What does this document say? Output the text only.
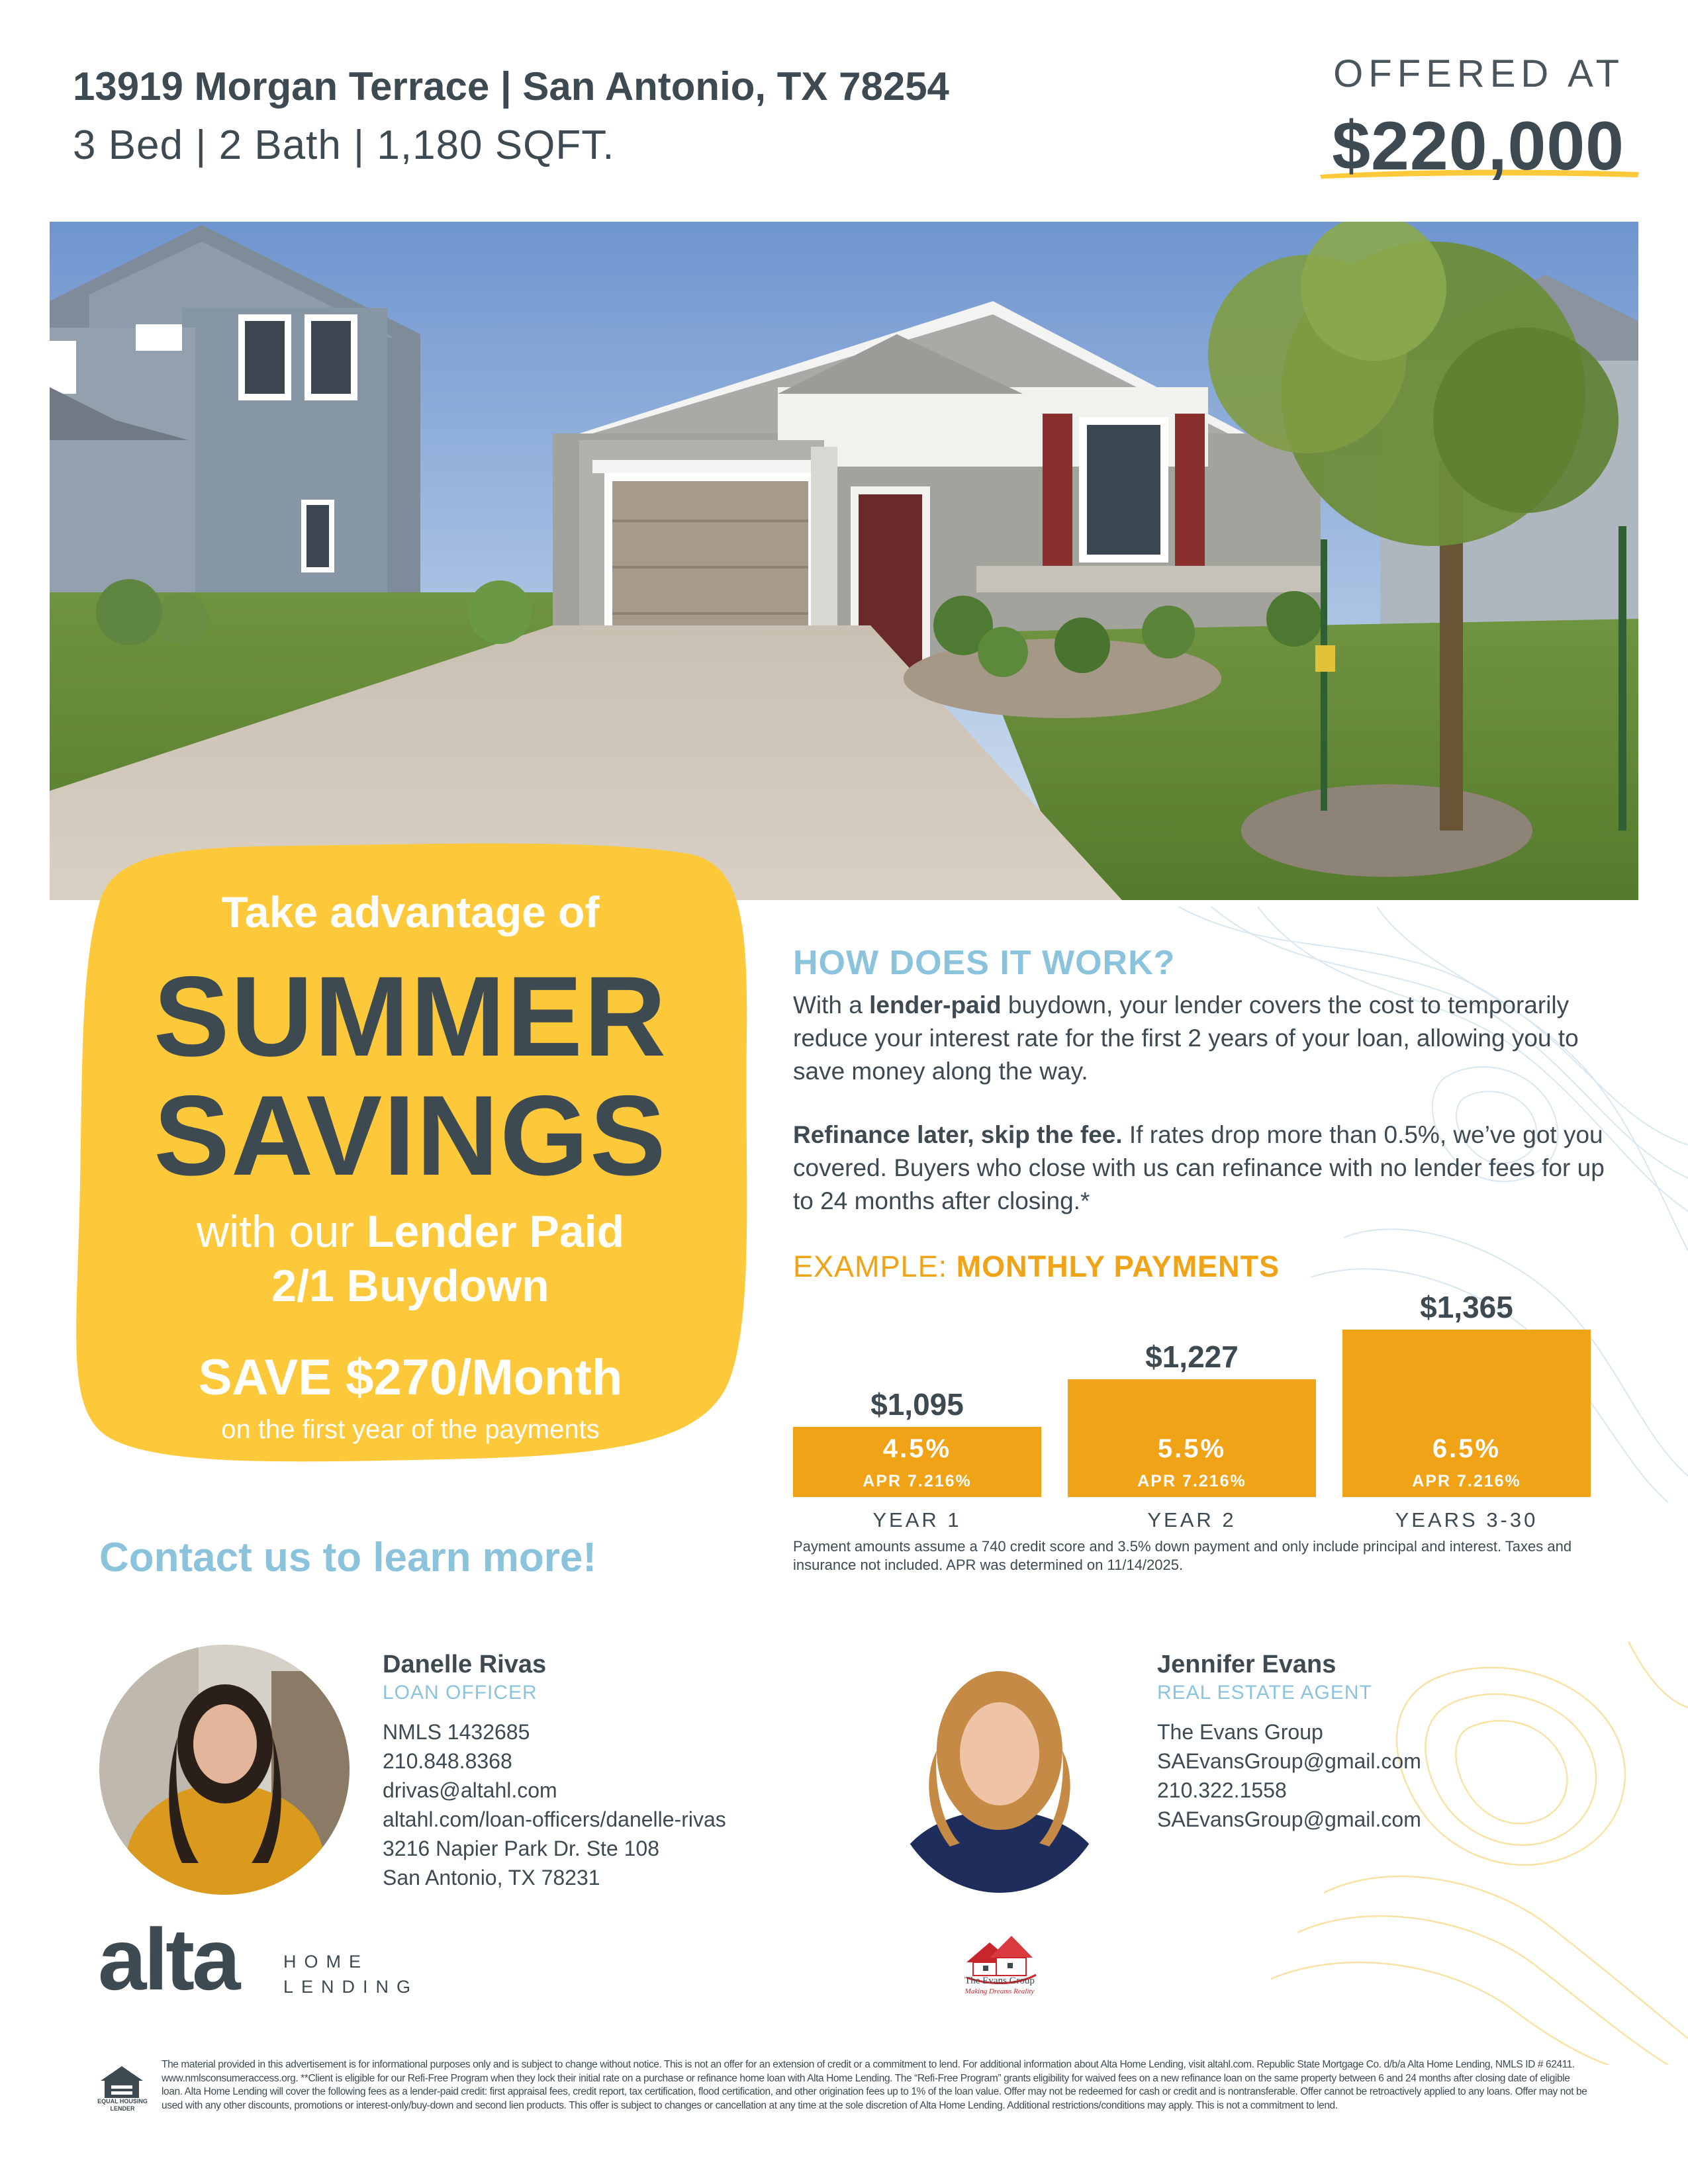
13919 Morgan Terrace | San Antonio, TX 78254
3 Bed | 2 Bath | 1,180 SQFT.
OFFERED AT
$220,000
Take advantage of
SUMMER
SAVINGS
with our Lender Paid
2/1 Buydown
SAVE $270/Month
on the first year of the payments
Contact us to learn more!
HOW DOES IT WORK?
With a lender-paid buydown, your lender covers the cost to temporarily reduce your interest rate for the first 2 years of your loan, allowing you to save money along the way.
Refinance later, skip the fee. If rates drop more than 0.5%, we’ve got you covered. Buyers who close with us can refinance with no lender fees for up to 24 months after closing.*
EXAMPLE: MONTHLY PAYMENTS
$1,095
4.5%
APR 7.216%
YEAR 1
$1,227
5.5%
APR 7.216%
YEAR 2
$1,365
6.5%
APR 7.216%
YEARS 3-30
Payment amounts assume a 740 credit score and 3.5% down payment and only include principal and interest. Taxes and insurance not included. APR was determined on 11/14/2025.
Danelle Rivas
LOAN OFFICER
NMLS 1432685
210.848.8368
drivas@altahl.com
altahl.com/loan-officers/danelle-rivas
3216 Napier Park Dr. Ste 108
San Antonio, TX 78231
Jennifer Evans
REAL ESTATE AGENT
The Evans Group
SAEvansGroup@gmail.com
210.322.1558
SAEvansGroup@gmail.com
alta	HOME
LENDING	The Evans Group
Making Dreams Reality
EQUAL HOUSING LENDER
The material provided in this advertisement is for informational purposes only and is subject to change without notice. This is not an offer for an extension of credit or a commitment to lend. For additional information about Alta Home Lending, visit altahl.com. Republic State Mortgage Co. d/b/a Alta Home Lending, NMLS ID # 62411. www.nmlsconsumeraccess.org. **Client is eligible for our Refi-Free Program when they lock their initial rate on a purchase or refinance home loan with Alta Home Lending. The “Refi-Free Program” grants eligibility for waived fees on a new refinance loan on the same property between 6 and 24 months after closing date of eligible loan. Alta Home Lending will cover the following fees as a lender-paid credit: first appraisal fees, credit report, tax certification, flood certification, and other origination fees up to 1% of the loan value. Offer may not be redeemed for cash or credit and is nontransferable. Offer cannot be retroactively applied to any loans. Offer may not be used with any other discounts, promotions or interest-only/buy-down and second lien products. This offer is subject to changes or cancellation at any time at the sole discretion of Alta Home Lending. Additional restrictions/conditions may apply. This is not a commitment to lend.
